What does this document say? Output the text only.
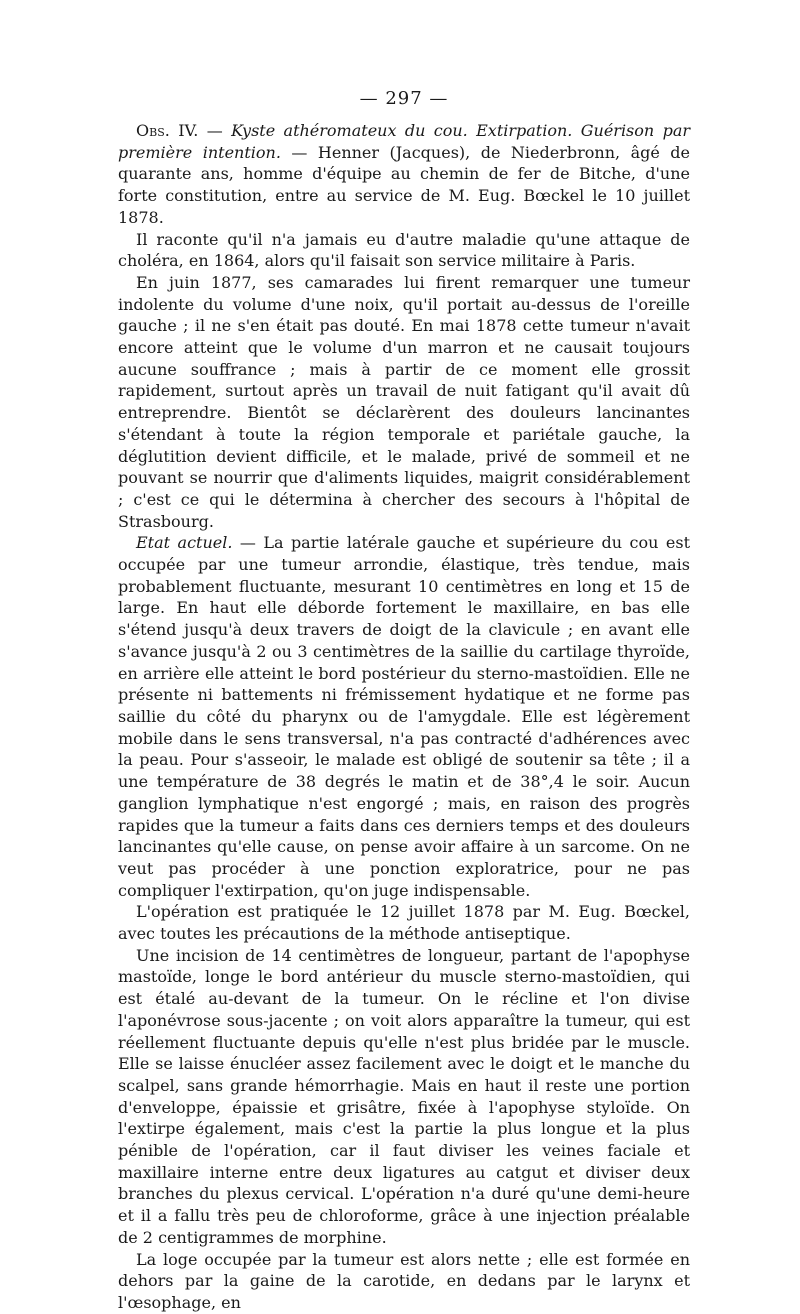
— 297 —

Obs. IV. — Kyste athéromateux du cou. Extirpation. Guérison par première intention. — Henner (Jacques), de Niederbronn, âgé de quarante ans, homme d'équipe au chemin de fer de Bitche, d'une forte constitution, entre au service de M. Eug. Bœckel le 10 juillet 1878.

Il raconte qu'il n'a jamais eu d'autre maladie qu'une attaque de choléra, en 1864, alors qu'il faisait son service militaire à Paris.

En juin 1877, ses camarades lui firent remarquer une tumeur indolente du volume d'une noix, qu'il portait au-dessus de l'oreille gauche ; il ne s'en était pas douté. En mai 1878 cette tumeur n'avait encore atteint que le volume d'un marron et ne causait toujours aucune souffrance ; mais à partir de ce moment elle grossit rapidement, surtout après un travail de nuit fatigant qu'il avait dû entreprendre. Bientôt se déclarèrent des douleurs lancinantes s'étendant à toute la région temporale et pariétale gauche, la déglutition devient difficile, et le malade, privé de sommeil et ne pouvant se nourrir que d'aliments liquides, maigrit considérablement ; c'est ce qui le détermina à chercher des secours à l'hôpital de Strasbourg.

Etat actuel. — La partie latérale gauche et supérieure du cou est occupée par une tumeur arrondie, élastique, très tendue, mais probablement fluctuante, mesurant 10 centimètres en long et 15 de large. En haut elle déborde fortement le maxillaire, en bas elle s'étend jusqu'à deux travers de doigt de la clavicule ; en avant elle s'avance jusqu'à 2 ou 3 centimètres de la saillie du cartilage thyroïde, en arrière elle atteint le bord postérieur du sterno-mastoïdien. Elle ne présente ni battements ni frémissement hydatique et ne forme pas saillie du côté du pharynx ou de l'amygdale. Elle est légèrement mobile dans le sens transversal, n'a pas contracté d'adhérences avec la peau. Pour s'asseoir, le malade est obligé de soutenir sa tête ; il a une température de 38 degrés le matin et de 38°,4 le soir. Aucun ganglion lymphatique n'est engorgé ; mais, en raison des progrès rapides que la tumeur a faits dans ces derniers temps et des douleurs lancinantes qu'elle cause, on pense avoir affaire à un sarcome. On ne veut pas procéder à une ponction exploratrice, pour ne pas compliquer l'extirpation, qu'on juge indispensable.

L'opération est pratiquée le 12 juillet 1878 par M. Eug. Bœckel, avec toutes les précautions de la méthode antiseptique.

Une incision de 14 centimètres de longueur, partant de l'apophyse mastoïde, longe le bord antérieur du muscle sterno-mastoïdien, qui est étalé au-devant de la tumeur. On le récline et l'on divise l'aponévrose sous-jacente ; on voit alors apparaître la tumeur, qui est réellement fluctuante depuis qu'elle n'est plus bridée par le muscle. Elle se laisse énucléer assez facilement avec le doigt et le manche du scalpel, sans grande hémorrhagie. Mais en haut il reste une portion d'enveloppe, épaissie et grisâtre, fixée à l'apophyse styloïde. On l'extirpe également, mais c'est la partie la plus longue et la plus pénible de l'opération, car il faut diviser les veines faciale et maxillaire interne entre deux ligatures au catgut et diviser deux branches du plexus cervical. L'opération n'a duré qu'une demi-heure et il a fallu très peu de chloroforme, grâce à une injection préalable de 2 centigrammes de morphine.

La loge occupée par la tumeur est alors nette ; elle est formée en dehors par la gaine de la carotide, en dedans par le larynx et l'œsophage, en
